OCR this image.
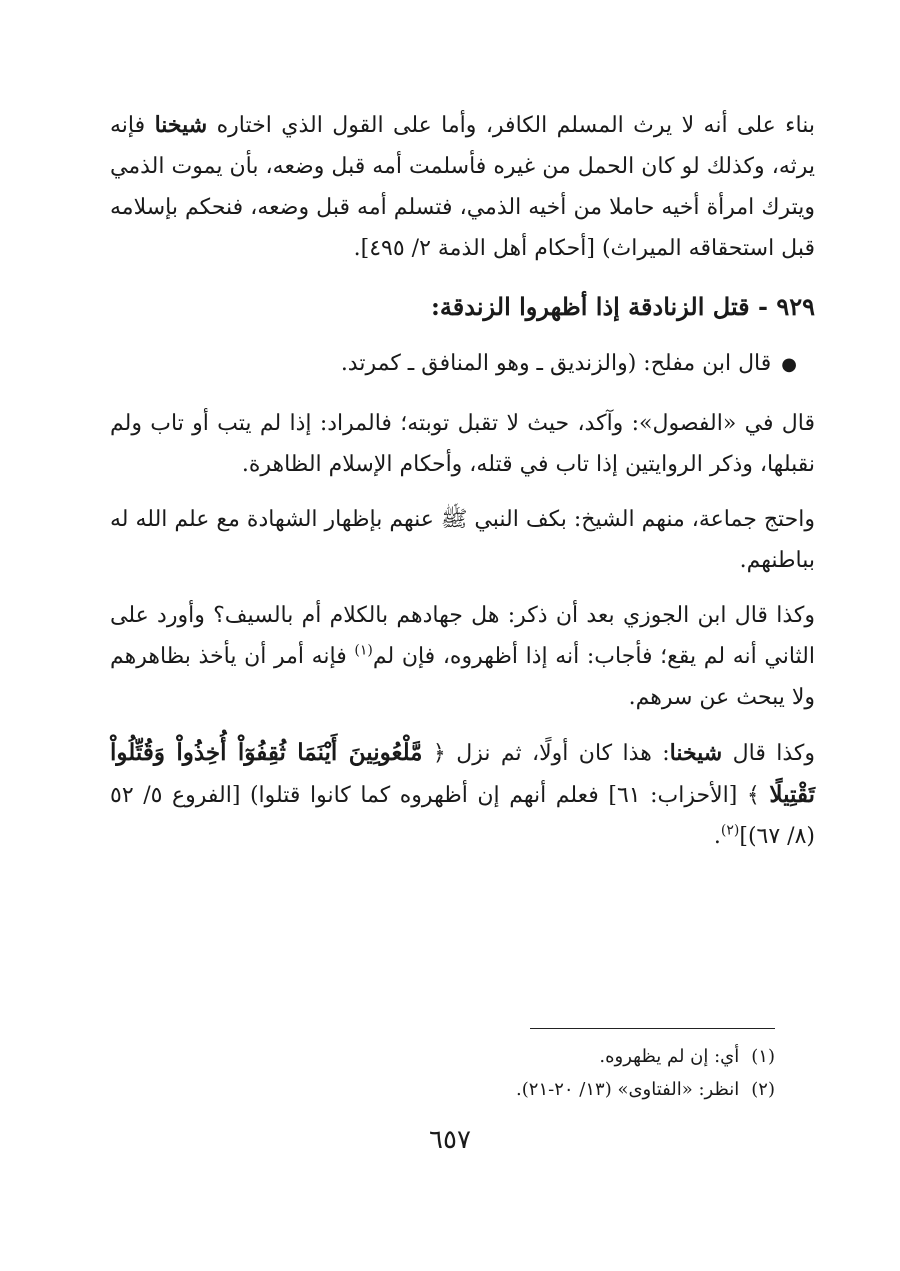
بناء على أنه لا يرث المسلم الكافر، وأما على القول الذي اختاره شيخنا فإنه يرثه، وكذلك لو كان الحمل من غيره فأسلمت أمه قبل وضعه، بأن يموت الذمي ويترك امرأة أخيه حاملا من أخيه الذمي، فتسلم أمه قبل وضعه، فنحكم بإسلامه قبل استحقاقه الميراث) [أحكام أهل الذمة ٢/ ٤٩٥].

٩٢٩ - قتل الزنادقة إذا أظهروا الزندقة:

●قال ابن مفلح: (والزنديق ـ وهو المنافق ـ كمرتد.

قال في «الفصول»: وآكد، حيث لا تقبل توبته؛ فالمراد: إذا لم يتب أو تاب ولم نقبلها، وذكر الروايتين إذا تاب في قتله، وأحكام الإسلام الظاهرة.

واحتج جماعة، منهم الشيخ: بكف النبي ﷺ عنهم بإظهار الشهادة مع علم الله له بباطنهم.

وكذا قال ابن الجوزي بعد أن ذكر: هل جهادهم بالكلام أم بالسيف؟ وأورد على الثاني أنه لم يقع؛ فأجاب: أنه إذا أظهروه، فإن لم$^{(١)}$ فإنه أمر أن يأخذ بظاهرهم ولا يبحث عن سرهم.

وكذا قال شيخنا: هذا كان أولًا، ثم نزل ﴿ مَّلْعُونِينَ أَيْنَمَا ثُقِفُوٓاْ أُخِذُواْ وَقُتِّلُواْ تَقْتِيلًا ﴾ [الأحزاب: ٦١] فعلم أنهم إن أظهروه كما كانوا قتلوا) [الفروع ٥/ ٥٢ (٨/ ٦٧)]$^{(٢)}$.

(١)أي: إن لم يظهروه.
(٢)انظر: «الفتاوى» (١٣/ ٢٠-٢١).
٦٥٧
